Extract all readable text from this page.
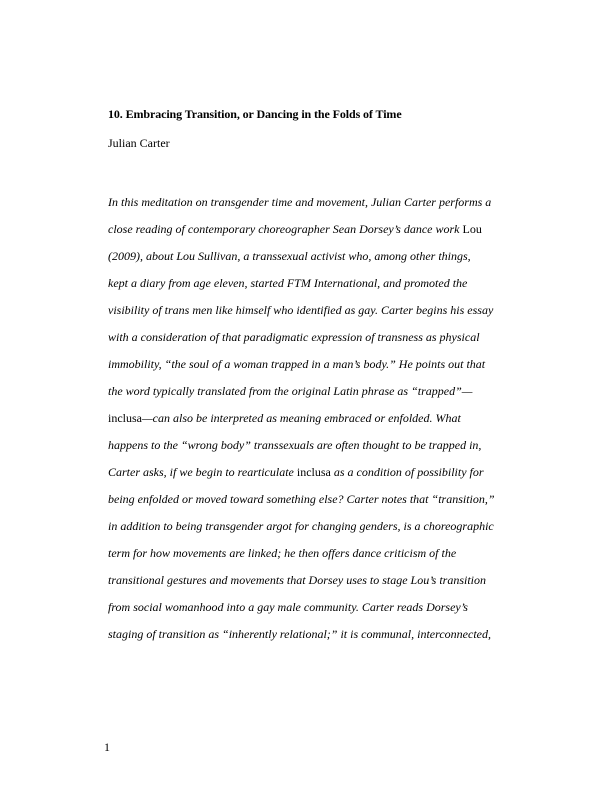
10. Embracing Transition, or Dancing in the Folds of Time
Julian Carter
In this meditation on transgender time and movement, Julian Carter performs a
close reading of contemporary choreographer Sean Dorsey’s dance work Lou
(2009), about Lou Sullivan, a transsexual activist who, among other things,
kept a diary from age eleven, started FTM International, and promoted the
visibility of trans men like himself who identified as gay. Carter begins his essay
with a consideration of that paradigmatic expression of transness as physical
immobility, “the soul of a woman trapped in a man’s body.” He points out that
the word typically translated from the original Latin phrase as “trapped”—
inclusa—can also be interpreted as meaning embraced or enfolded. What
happens to the “wrong body” transsexuals are often thought to be trapped in,
Carter asks, if we begin to rearticulate inclusa as a condition of possibility for
being enfolded or moved toward something else? Carter notes that “transition,”
in addition to being transgender argot for changing genders, is a choreographic
term for how movements are linked; he then offers dance criticism of the
transitional gestures and movements that Dorsey uses to stage Lou’s transition
from social womanhood into a gay male community. Carter reads Dorsey’s
staging of transition as “inherently relational;” it is communal, interconnected,
1
